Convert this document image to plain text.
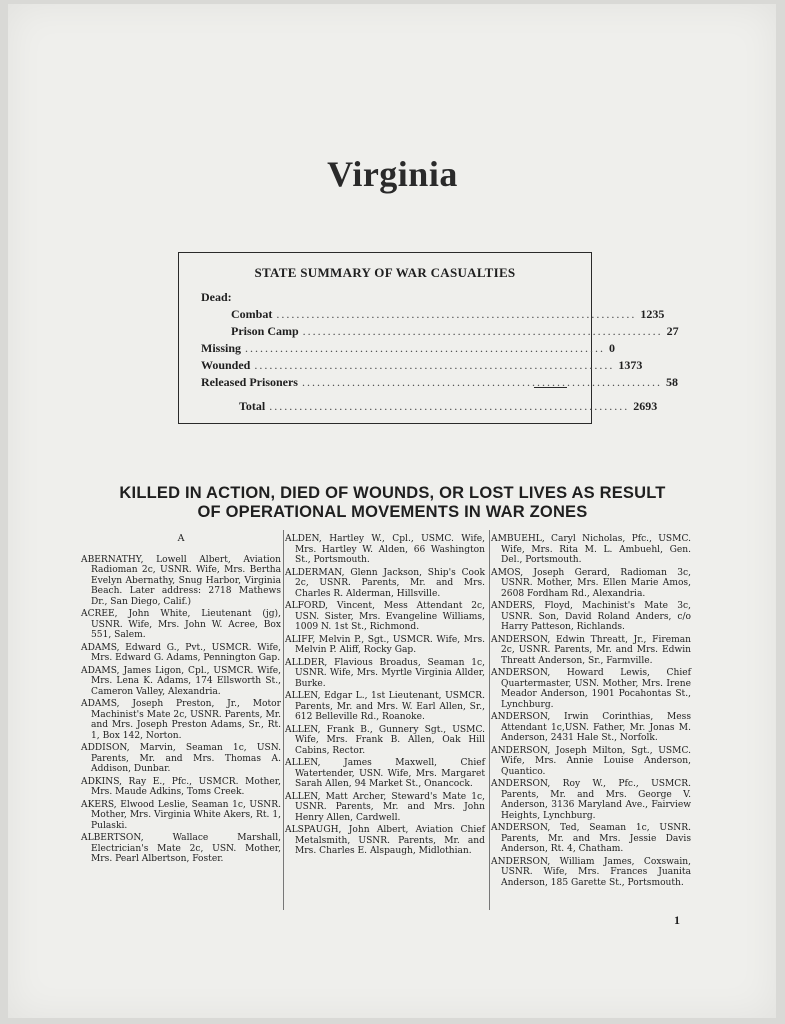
Virginia
STATE SUMMARY OF WAR CASUALTIES
Dead:
Combat ........................................................................ 1235
Prison Camp ........................................................................ 27
Missing ........................................................................ 0
Wounded ........................................................................ 1373
Released Prisoners ........................................................................ 58
Total ........................................................................ 2693
KILLED IN ACTION, DIED OF WOUNDS, OR LOST LIVES AS RESULT
OF OPERATIONAL MOVEMENTS IN WAR ZONES
A
ABERNATHY, Lowell Albert, Aviation Radioman 2c, USNR. Wife, Mrs. Bertha Evelyn Abernathy, Snug Harbor, Virginia Beach. Later address: 2718 Mathews Dr., San Diego, Calif.)
ACREE, John White, Lieutenant (jg), USNR. Wife, Mrs. John W. Acree, Box 551, Salem.
ADAMS, Edward G., Pvt., USMCR. Wife, Mrs. Edward G. Adams, Pennington Gap.
ADAMS, James Ligon, Cpl., USMCR. Wife, Mrs. Lena K. Adams, 174 Ellsworth St., Cameron Valley, Alexandria.
ADAMS, Joseph Preston, Jr., Motor Machinist's Mate 2c, USNR. Parents, Mr. and Mrs. Joseph Preston Adams, Sr., Rt. 1, Box 142, Norton.
ADDISON, Marvin, Seaman 1c, USN. Parents, Mr. and Mrs. Thomas A. Addison, Dunbar.
ADKINS, Ray E., Pfc., USMCR. Mother, Mrs. Maude Adkins, Toms Creek.
AKERS, Elwood Leslie, Seaman 1c, USNR. Mother, Mrs. Virginia White Akers, Rt. 1, Pulaski.
ALBERTSON, Wallace Marshall, Electrician's Mate 2c, USN. Mother, Mrs. Pearl Albertson, Foster.
ALDEN, Hartley W., Cpl., USMC. Wife, Mrs. Hartley W. Alden, 66 Washington St., Portsmouth.
ALDERMAN, Glenn Jackson, Ship's Cook 2c, USNR. Parents, Mr. and Mrs. Charles R. Alderman, Hillsville.
ALFORD, Vincent, Mess Attendant 2c, USN. Sister, Mrs. Evangeline Williams, 1009 N. 1st St., Richmond.
ALIFF, Melvin P., Sgt., USMCR. Wife, Mrs. Melvin P. Aliff, Rocky Gap.
ALLDER, Flavious Broadus, Seaman 1c, USNR. Wife, Mrs. Myrtle Virginia Allder, Burke.
ALLEN, Edgar L., 1st Lieutenant, USMCR. Parents, Mr. and Mrs. W. Earl Allen, Sr., 612 Belleville Rd., Roanoke.
ALLEN, Frank B., Gunnery Sgt., USMC. Wife, Mrs. Frank B. Allen, Oak Hill Cabins, Rector.
ALLEN, James Maxwell, Chief Watertender, USN. Wife, Mrs. Margaret Sarah Allen, 94 Market St., Onancock.
ALLEN, Matt Archer, Steward's Mate 1c, USNR. Parents, Mr. and Mrs. John Henry Allen, Cardwell.
ALSPAUGH, John Albert, Aviation Chief Metalsmith, USNR. Parents, Mr. and Mrs. Charles E. Alspaugh, Midlothian.
AMBUEHL, Caryl Nicholas, Pfc., USMC. Wife, Mrs. Rita M. L. Ambuehl, Gen. Del., Portsmouth.
AMOS, Joseph Gerard, Radioman 3c, USNR. Mother, Mrs. Ellen Marie Amos, 2608 Fordham Rd., Alexandria.
ANDERS, Floyd, Machinist's Mate 3c, USNR. Son, David Roland Anders, c/o Harry Patteson, Richlands.
ANDERSON, Edwin Threatt, Jr., Fireman 2c, USNR. Parents, Mr. and Mrs. Edwin Threatt Anderson, Sr., Farmville.
ANDERSON, Howard Lewis, Chief Quartermaster, USN. Mother, Mrs. Irene Meador Anderson, 1901 Pocahontas St., Lynchburg.
ANDERSON, Irwin Corinthias, Mess Attendant 1c,USN. Father, Mr. Jonas M. Anderson, 2431 Hale St., Norfolk.
ANDERSON, Joseph Milton, Sgt., USMC. Wife, Mrs. Annie Louise Anderson, Quantico.
ANDERSON, Roy W., Pfc., USMCR. Parents, Mr. and Mrs. George V. Anderson, 3136 Maryland Ave., Fairview Heights, Lynchburg.
ANDERSON, Ted, Seaman 1c, USNR. Parents, Mr. and Mrs. Jessie Davis Anderson, Rt. 4, Chatham.
ANDERSON, William James, Coxswain, USNR. Wife, Mrs. Frances Juanita Anderson, 185 Garette St., Portsmouth.
1
